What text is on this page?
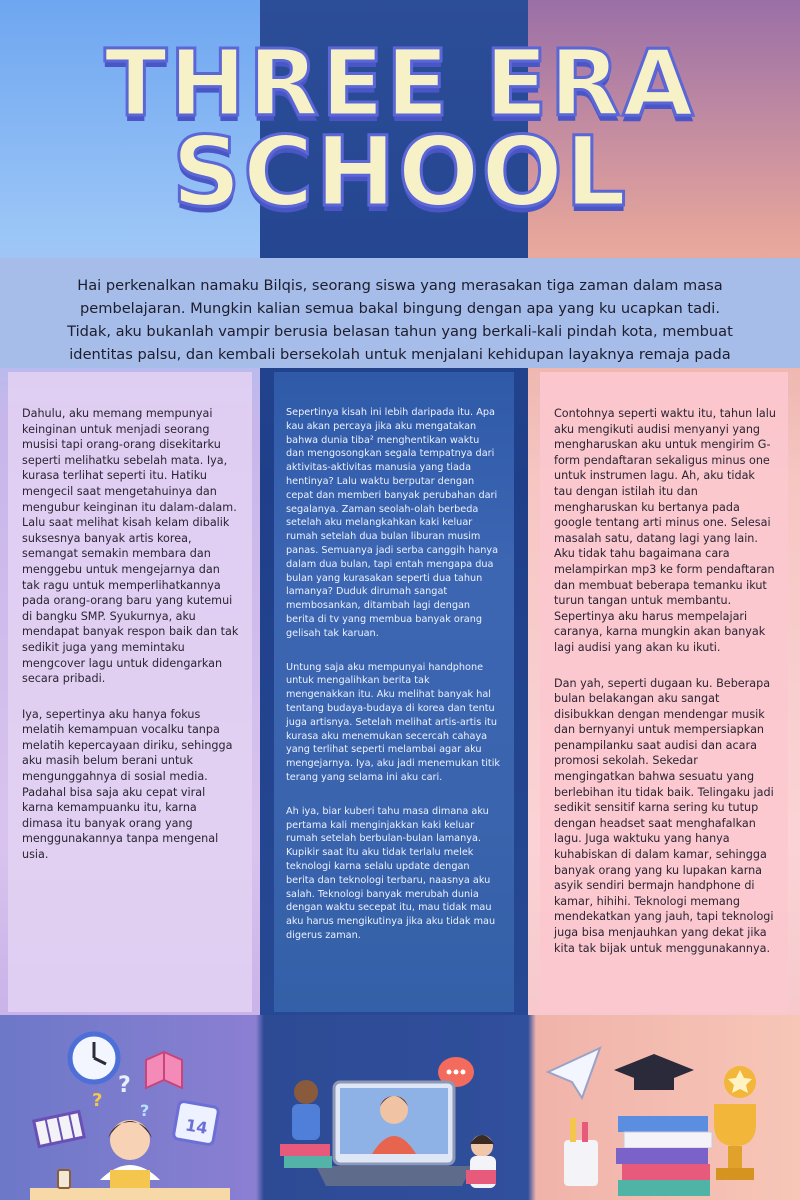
THREE ERA
SCHOOL

Hai perkenalkan namaku Bilqis, seorang siswa yang merasakan tiga zaman dalam masa pembelajaran. Mungkin kalian semua bakal bingung dengan apa yang ku ucapkan tadi. Tidak, aku bukanlah vampir berusia belasan tahun yang berkali-kali pindah kota, membuat identitas palsu, dan kembali bersekolah untuk menjalani kehidupan layaknya remaja pada

Dahulu, aku memang mempunyai keinginan untuk menjadi seorang musisi tapi orang-orang disekitarku seperti melihatku sebelah mata. Iya, kurasa terlihat seperti itu. Hatiku mengecil saat mengetahuinya dan mengubur keinginan itu dalam-dalam. Lalu saat melihat kisah kelam dibalik suksesnya banyak artis korea, semangat semakin membara dan menggebu untuk mengejarnya dan tak ragu untuk memperlihatkannya pada orang-orang baru yang kutemui di bangku SMP. Syukurnya, aku mendapat banyak respon baik dan tak sedikit juga yang memintaku mengcover lagu untuk didengarkan secara pribadi.

Iya, sepertinya aku hanya fokus melatih kemampuan vocalku tanpa melatih kepercayaan diriku, sehingga aku masih belum berani untuk mengunggahnya di sosial media. Padahal bisa saja aku cepat viral karna kemampuanku itu, karna dimasa itu banyak orang yang menggunakannya tanpa mengenal usia.

Sepertinya kisah ini lebih daripada itu. Apa kau akan percaya jika aku mengatakan bahwa dunia tiba² menghentikan waktu dan mengosongkan segala tempatnya dari aktivitas-aktivitas manusia yang tiada hentinya? Lalu waktu berputar dengan cepat dan memberi banyak perubahan dari segalanya. Zaman seolah-olah berbeda setelah aku melangkahkan kaki keluar rumah setelah dua bulan liburan musim panas. Semuanya jadi serba canggih hanya dalam dua bulan, tapi entah mengapa dua bulan yang kurasakan seperti dua tahun lamanya? Duduk dirumah sangat membosankan, ditambah lagi dengan berita di tv yang membua banyak orang gelisah tak karuan.

Untung saja aku mempunyai handphone untuk mengalihkan berita tak mengenakkan itu. Aku melihat banyak hal tentang budaya-budaya di korea dan tentu juga artisnya. Setelah melihat artis-artis itu kurasa aku menemukan secercah cahaya yang terlihat seperti melambai agar aku mengejarnya. Iya, aku jadi menemukan titik terang yang selama ini aku cari.

Ah iya, biar kuberi tahu masa dimana aku pertama kali menginjakkan kaki keluar rumah setelah berbulan-bulan lamanya. Kupikir saat itu aku tidak terlalu melek teknologi karna selalu update dengan berita dan teknologi terbaru, naasnya aku salah. Teknologi banyak merubah dunia dengan waktu secepat itu, mau tidak mau aku harus mengikutinya jika aku tidak mau digerus zaman.

Contohnya seperti waktu itu, tahun lalu aku mengikuti audisi menyanyi yang mengharuskan aku untuk mengirim G-form pendaftaran sekaligus minus one untuk instrumen lagu. Ah, aku tidak tau dengan istilah itu dan mengharuskan ku bertanya pada google tentang arti minus one. Selesai masalah satu, datang lagi yang lain. Aku tidak tahu bagaimana cara melampirkan mp3 ke form pendaftaran dan membuat beberapa temanku ikut turun tangan untuk membantu. Sepertinya aku harus mempelajari caranya, karna mungkin akan banyak lagi audisi yang akan ku ikuti.

Dan yah, seperti dugaan ku. Beberapa bulan belakangan aku sangat disibukkan dengan mendengar musik dan bernyanyi untuk mempersiapkan penampilanku saat audisi dan acara promosi sekolah. Sekedar mengingatkan bahwa sesuatu yang berlebihan itu tidak baik. Telingaku jadi sedikit sensitif karna sering ku tutup dengan headset saat menghafalkan lagu. Juga waktuku yang hanya kuhabiskan di dalam kamar, sehingga banyak orang yang ku lupakan karna asyik sendiri bermajn handphone di kamar, hihihi. Teknologi memang mendekatkan yang jauh, tapi teknologi juga bisa menjauhkan yang dekat jika kita tak bijak untuk menggunakannya.

?
?
?
14
